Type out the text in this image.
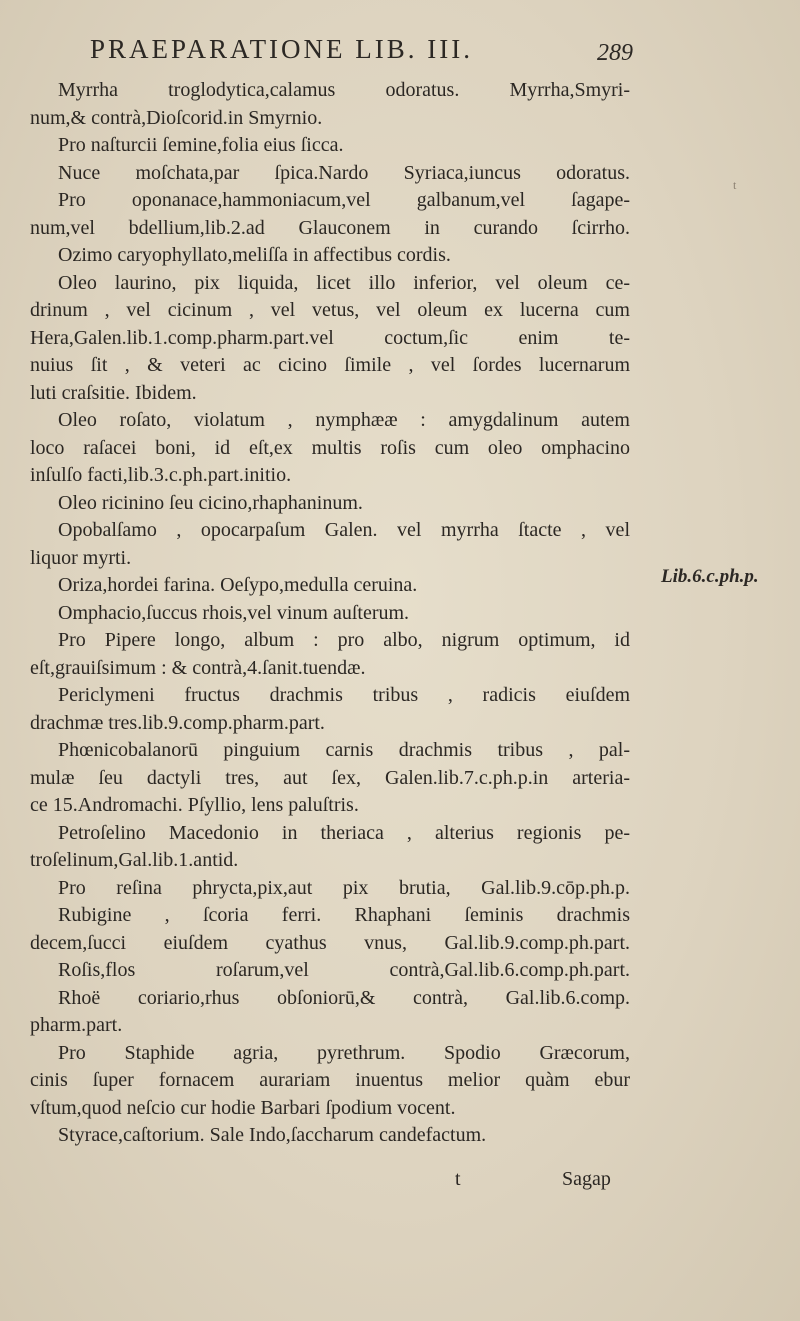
PRAEPARATIONE LIB. III.	289
t
Lib.6.c.ph.p.
Myrrha troglodytica,calamus odoratus. Myrrha,Smyri-
num,& contrà,Dioſcorid.in Smyrnio.
Pro naſturcii ſemine,folia eius ſicca.
Nuce moſchata,par ſpica.Nardo Syriaca,iuncus odoratus.
Pro oponanace,hammoniacum,vel galbanum,vel ſagape-
num,vel bdellium,lib.2.ad Glauconem in curando ſcirrho.
Ozimo caryophyllato,meliſſa in affectibus cordis.
Oleo laurino, pix liquida, licet illo inferior, vel oleum ce-
drinum , vel cicinum , vel vetus, vel oleum ex lucerna cum
Hera,Galen.lib.1.comp.pharm.part.vel coctum,ſic enim te-
nuius ſit , & veteri ac cicino ſimile , vel ſordes lucernarum
luti craſsitie. Ibidem.
Oleo roſato, violatum , nymphææ : amygdalinum autem
loco raſacei boni, id eſt,ex multis roſis cum oleo omphacino
inſulſo facti,lib.3.c.ph.part.initio.
Oleo ricinino ſeu cicino,rhaphaninum.
Opobalſamo , opocarpaſum Galen. vel myrrha ſtacte , vel
liquor myrti.
Oriza,hordei farina. Oeſypo,medulla ceruina.
Omphacio,ſuccus rhois,vel vinum auſterum.
Pro Pipere longo, album : pro albo, nigrum optimum, id
eſt,grauiſsimum : & contrà,4.ſanit.tuendæ.
Periclymeni fructus drachmis tribus , radicis eiuſdem
drachmæ tres.lib.9.comp.pharm.part.
Phœnicobalanorū pinguium carnis drachmis tribus , pal-
mulæ ſeu dactyli tres, aut ſex, Galen.lib.7.c.ph.p.in arteria-
ce 15.Andromachi. Pſyllio, lens paluſtris.
Petroſelino Macedonio in theriaca , alterius regionis pe-
troſelinum,Gal.lib.1.antid.
Pro reſina phrycta,pix,aut pix brutia, Gal.lib.9.cōp.ph.p.
Rubigine , ſcoria ferri. Rhaphani ſeminis drachmis
decem,ſucci eiuſdem cyathus vnus, Gal.lib.9.comp.ph.part.
Roſis,flos roſarum,vel contrà,Gal.lib.6.comp.ph.part.
Rhoë coriario,rhus obſoniorū,& contrà, Gal.lib.6.comp.
pharm.part.
Pro Staphide agria, pyrethrum. Spodio Græcorum,
cinis ſuper fornacem aurariam inuentus melior quàm ebur
vſtum,quod neſcio cur hodie Barbari ſpodium vocent.
Styrace,caſtorium. Sale Indo,ſaccharum candefactum.
t	Sagap
